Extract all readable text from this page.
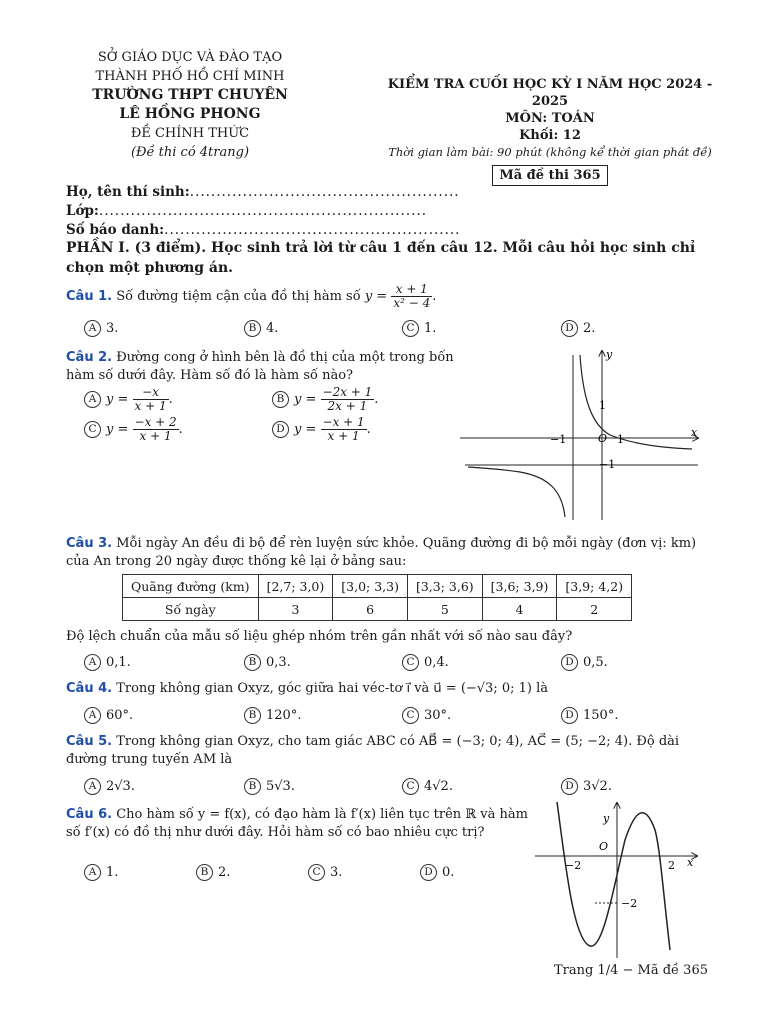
SỞ GIÁO DỤC VÀ ĐÀO TẠO
THÀNH PHỐ HỒ CHÍ MINH
TRƯỜNG THPT CHUYÊN
LÊ HỒNG PHONG
ĐỀ CHÍNH THỨC
(Đề thi có 4trang)
KIỂM TRA CUỐI HỌC KỲ I NĂM HỌC 2024 - 2025
MÔN: TOÁN
Khối: 12
Thời gian làm bài: 90 phút (không kể thời gian phát đề)
Mã đề thi 365
Họ, tên thí sinh:...................................................
Lớp:..............................................................
Số báo danh:........................................................
PHẦN I. (3 điểm). Học sinh trả lời từ câu 1 đến câu 12. Mỗi câu hỏi học sinh chỉ chọn một phương án.
Câu 1. Số đường tiệm cận của đồ thị hàm số $y = \frac{x + 1}{\text{x² − 4}}$ .
A 3.	B 4.	C 1.	D 2.
Câu 2. Đường cong ở hình bên là đồ thị của một trong bốn hàm số dưới đây. Hàm số đó là hàm số nào?
A $y = \frac{-x}{x + 1}$ .	B $y = \frac{-2x + 1}{2x + 1}$ .
C $y = \frac{-x + 2}{x + 1}$ .	D $y = \frac{-x + 1}{x + 1}$ .
y
x
1
−1	O 1
−1
Câu 3. Mỗi ngày An đều đi bộ để rèn luyện sức khỏe. Quãng đường đi bộ mỗi ngày (đơn vị: km) của An trong 20 ngày được thống kê lại ở bảng sau:
Quãng đường (km)	[2,7; 3,0)	[3,0; 3,3)	[3,3; 3,6)	[3,6; 3,9)	[3,9; 4,2)
Số ngày	3	6	5	4	2
Độ lệch chuẩn của mẫu số liệu ghép nhóm trên gần nhất với số nào sau đây?
A 0,1.	B 0,3.	C 0,4.	D 0,5.
Câu 4. Trong không gian Oxyz, góc giữa hai véc-tơ i⃗ và u⃗ = (−√3; 0; 1) là
A 60°.	B 120°.	C 30°.	D 150°.
Câu 5. Trong không gian Oxyz, cho tam giác ABC có AB⃗ = (−3; 0; 4), AC⃗ = (5; −2; 4). Độ dài đường trung tuyến AM là
A 2√3.	B 5√3.	C 4√2.	D 3√2.
Câu 6. Cho hàm số y = f(x), có đạo hàm là f′(x) liên tục trên ℝ và hàm số f′(x) có đồ thị như dưới đây. Hỏi hàm số có bao nhiêu cực trị?
A 1.	B 2.	C 3.	D 0.
y
x
O
−2	2
−2
Trang 1/4 − Mã đề 365
